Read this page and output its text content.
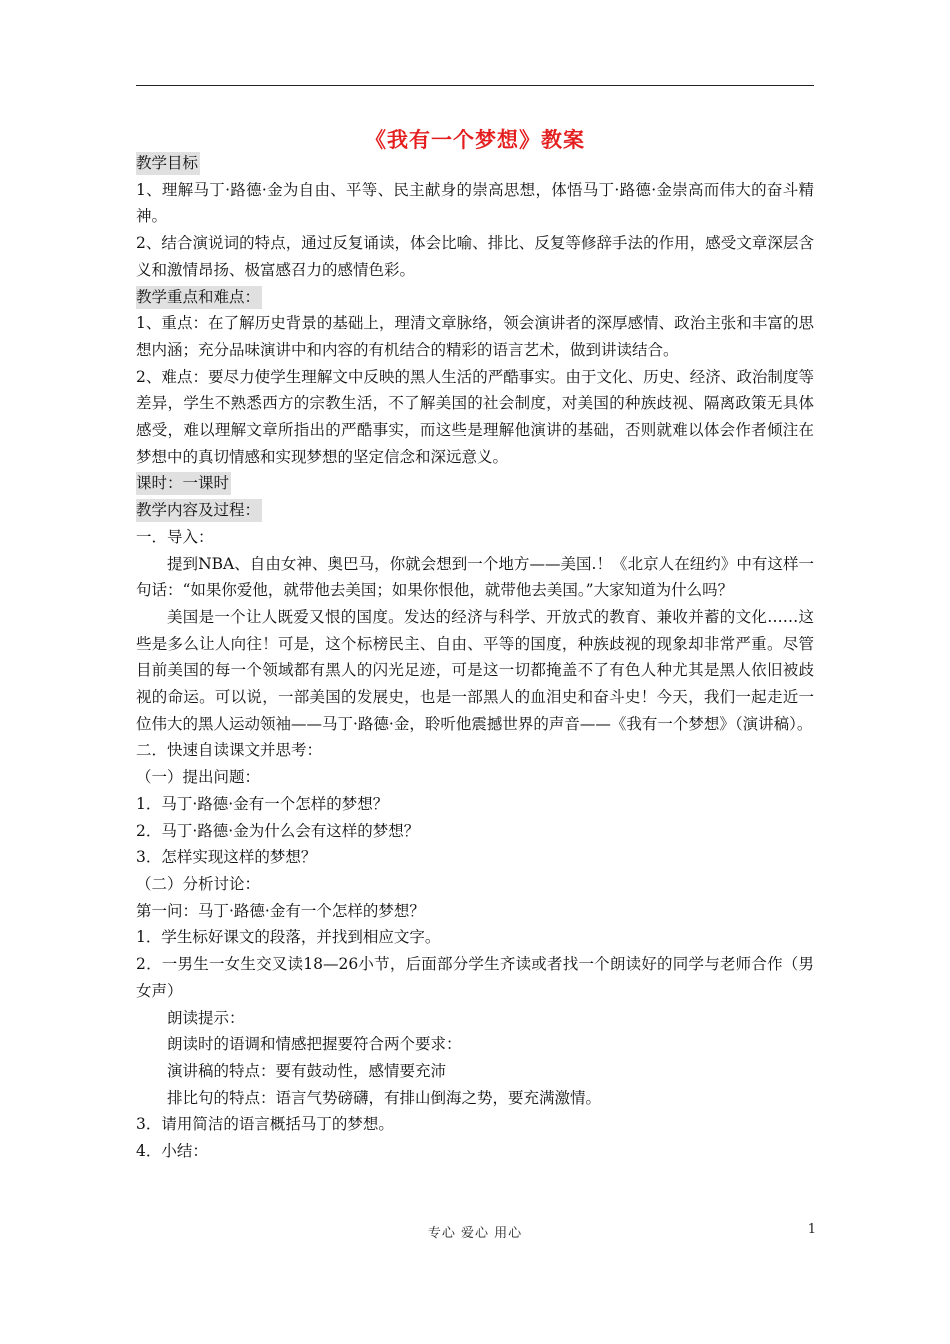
《我有一个梦想》教案

教学目标

1、理解马丁·路德·金为自由、平等、民主献身的崇高思想，体悟马丁·路德·金崇高而伟大的奋斗精神。

2、结合演说词的特点，通过反复诵读，体会比喻、排比、反复等修辞手法的作用，感受文章深层含义和激情昂扬、极富感召力的感情色彩。

教学重点和难点：

1、重点：在了解历史背景的基础上，理清文章脉络，领会演讲者的深厚感情、政治主张和丰富的思想内涵；充分品味演讲中和内容的有机结合的精彩的语言艺术，做到讲读结合。

2、难点：要尽力使学生理解文中反映的黑人生活的严酷事实。由于文化、历史、经济、政治制度等差异，学生不熟悉西方的宗教生活，不了解美国的社会制度，对美国的种族歧视、隔离政策无具体感受，难以理解文章所指出的严酷事实，而这些是理解他演讲的基础，否则就难以体会作者倾注在梦想中的真切情感和实现梦想的坚定信念和深远意义。

课时：一课时

教学内容及过程：

一．导入：

提到NBA、自由女神、奥巴马，你就会想到一个地方——美国.！《北京人在纽约》中有这样一句话：“如果你爱他，就带他去美国；如果你恨他，就带他去美国。”大家知道为什么吗？

美国是一个让人既爱又恨的国度。发达的经济与科学、开放式的教育、兼收并蓄的文化……这些是多么让人向往！可是，这个标榜民主、自由、平等的国度，种族歧视的现象却非常严重。尽管目前美国的每一个领域都有黑人的闪光足迹，可是这一切都掩盖不了有色人种尤其是黑人依旧被歧视的命运。可以说，一部美国的发展史，也是一部黑人的血泪史和奋斗史！今天，我们一起走近一位伟大的黑人运动领袖——马丁·路德·金，聆听他震撼世界的声音——《我有一个梦想》（演讲稿）。

二．快速自读课文并思考：

（一）提出问题：

1．马丁·路德·金有一个怎样的梦想？

2．马丁·路德·金为什么会有这样的梦想？

3．怎样实现这样的梦想？

（二）分析讨论：

第一问：马丁·路德·金有一个怎样的梦想？

1．学生标好课文的段落，并找到相应文字。

2．一男生一女生交叉读18—26小节，后面部分学生齐读或者找一个朗读好的同学与老师合作（男女声）

朗读提示：

朗读时的语调和情感把握要符合两个要求：

演讲稿的特点：要有鼓动性，感情要充沛

排比句的特点：语言气势磅礴，有排山倒海之势，要充满激情。

3．请用简洁的语言概括马丁的梦想。

4．小结：

专心 爱心 用心	1
